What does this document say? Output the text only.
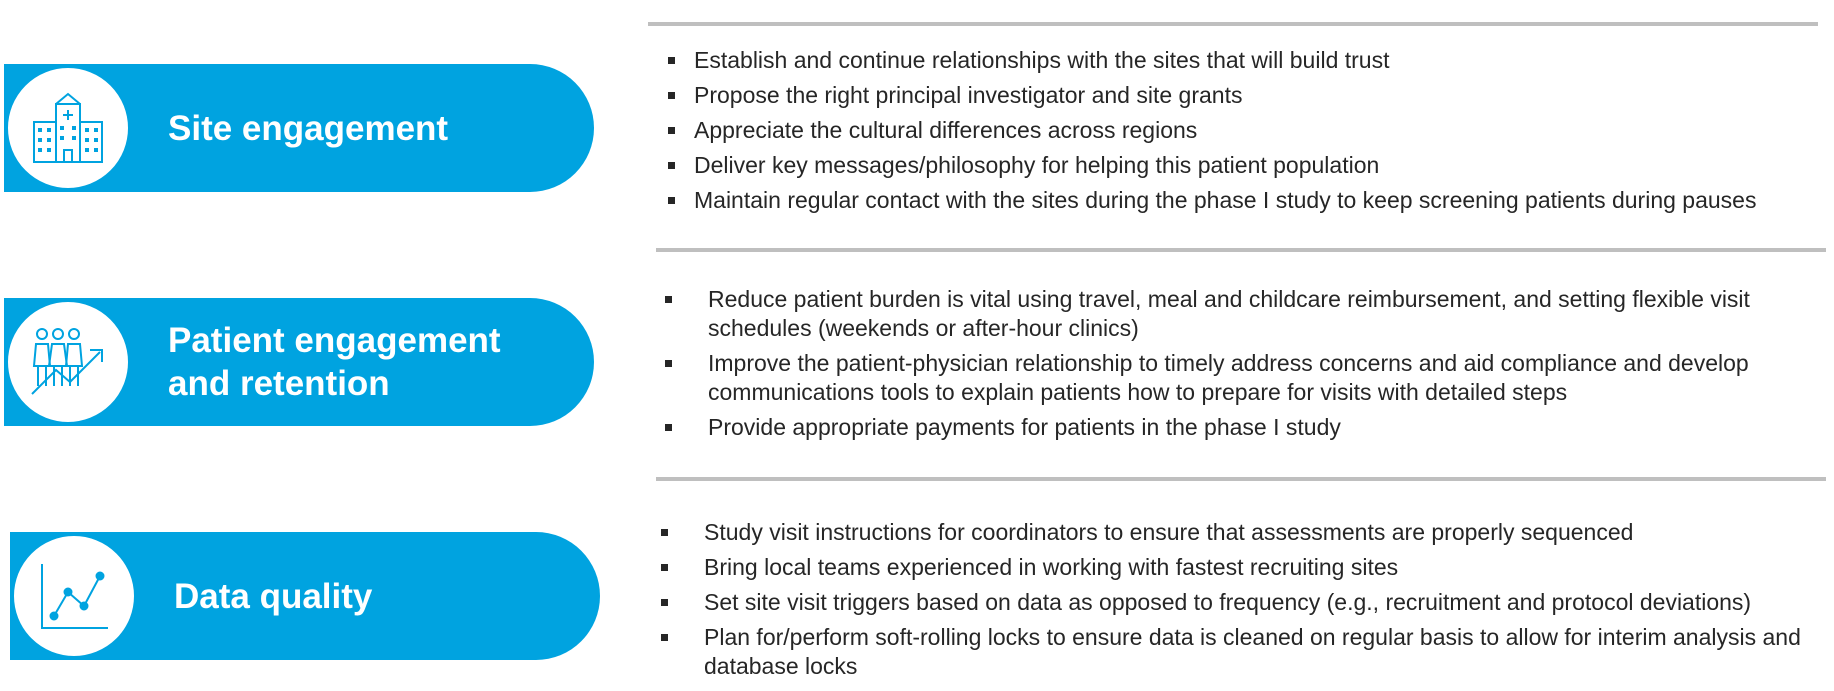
Site engagement
Establish and continue relationships with the sites that will build trust
Propose the right principal investigator and site grants
Appreciate the cultural differences across regions
Deliver key messages/philosophy for helping this patient population
Maintain regular contact with the sites during the phase I study to keep screening patients during pauses
Patient engagement
and retention
Reduce patient burden is vital using travel, meal and childcare reimbursement, and setting flexible visit schedules (weekends or after-hour clinics)
Improve the patient-physician relationship to timely address concerns and aid compliance and develop communications tools to explain patients how to prepare for visits with detailed steps
Provide appropriate payments for patients in the phase I study
Data quality
Study visit instructions for coordinators to ensure that assessments are properly sequenced
Bring local teams experienced in working with fastest recruiting sites
Set site visit triggers based on data as opposed to frequency (e.g., recruitment and protocol deviations)
Plan for/perform soft-rolling locks to ensure data is cleaned on regular basis to allow for interim analysis and database locks
